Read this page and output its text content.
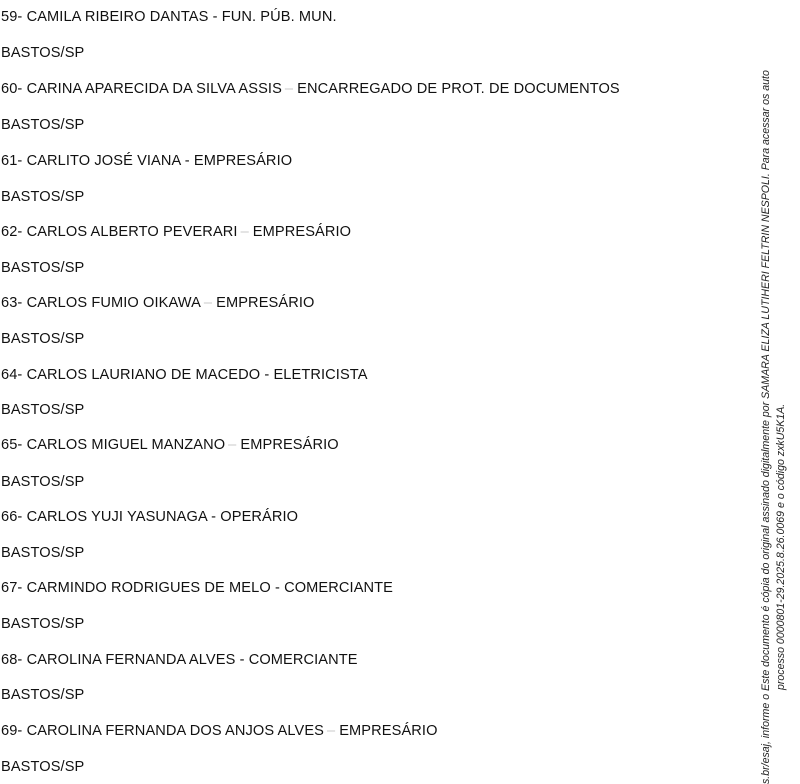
59- CAMILA RIBEIRO DANTAS - FUN. PÚB. MUN.
BASTOS/SP
60- CARINA APARECIDA DA SILVA ASSIS – ENCARREGADO DE PROT. DE DOCUMENTOS
BASTOS/SP
61- CARLITO JOSÉ VIANA - EMPRESÁRIO
BASTOS/SP
62- CARLOS ALBERTO PEVERARI – EMPRESÁRIO
BASTOS/SP
63- CARLOS FUMIO OIKAWA – EMPRESÁRIO
BASTOS/SP
64- CARLOS LAURIANO DE MACEDO - ELETRICISTA
BASTOS/SP
65- CARLOS MIGUEL MANZANO – EMPRESÁRIO
BASTOS/SP
66- CARLOS YUJI YASUNAGA - OPERÁRIO
BASTOS/SP
67- CARMINDO RODRIGUES DE MELO - COMERCIANTE
BASTOS/SP
68- CAROLINA FERNANDA ALVES - COMERCIANTE
BASTOS/SP
69- CAROLINA FERNANDA DOS ANJOS ALVES – EMPRESÁRIO
BASTOS/SP	s.br/esaj, informe o Este documento é cópia do original assinado digitalmente por SAMARA ELIZA LUTIHERI FELTRIN NESPOLI. Para acessar os auto processo 0000801-29.2025.8.26.0069 e o código zxkU5K1A.
